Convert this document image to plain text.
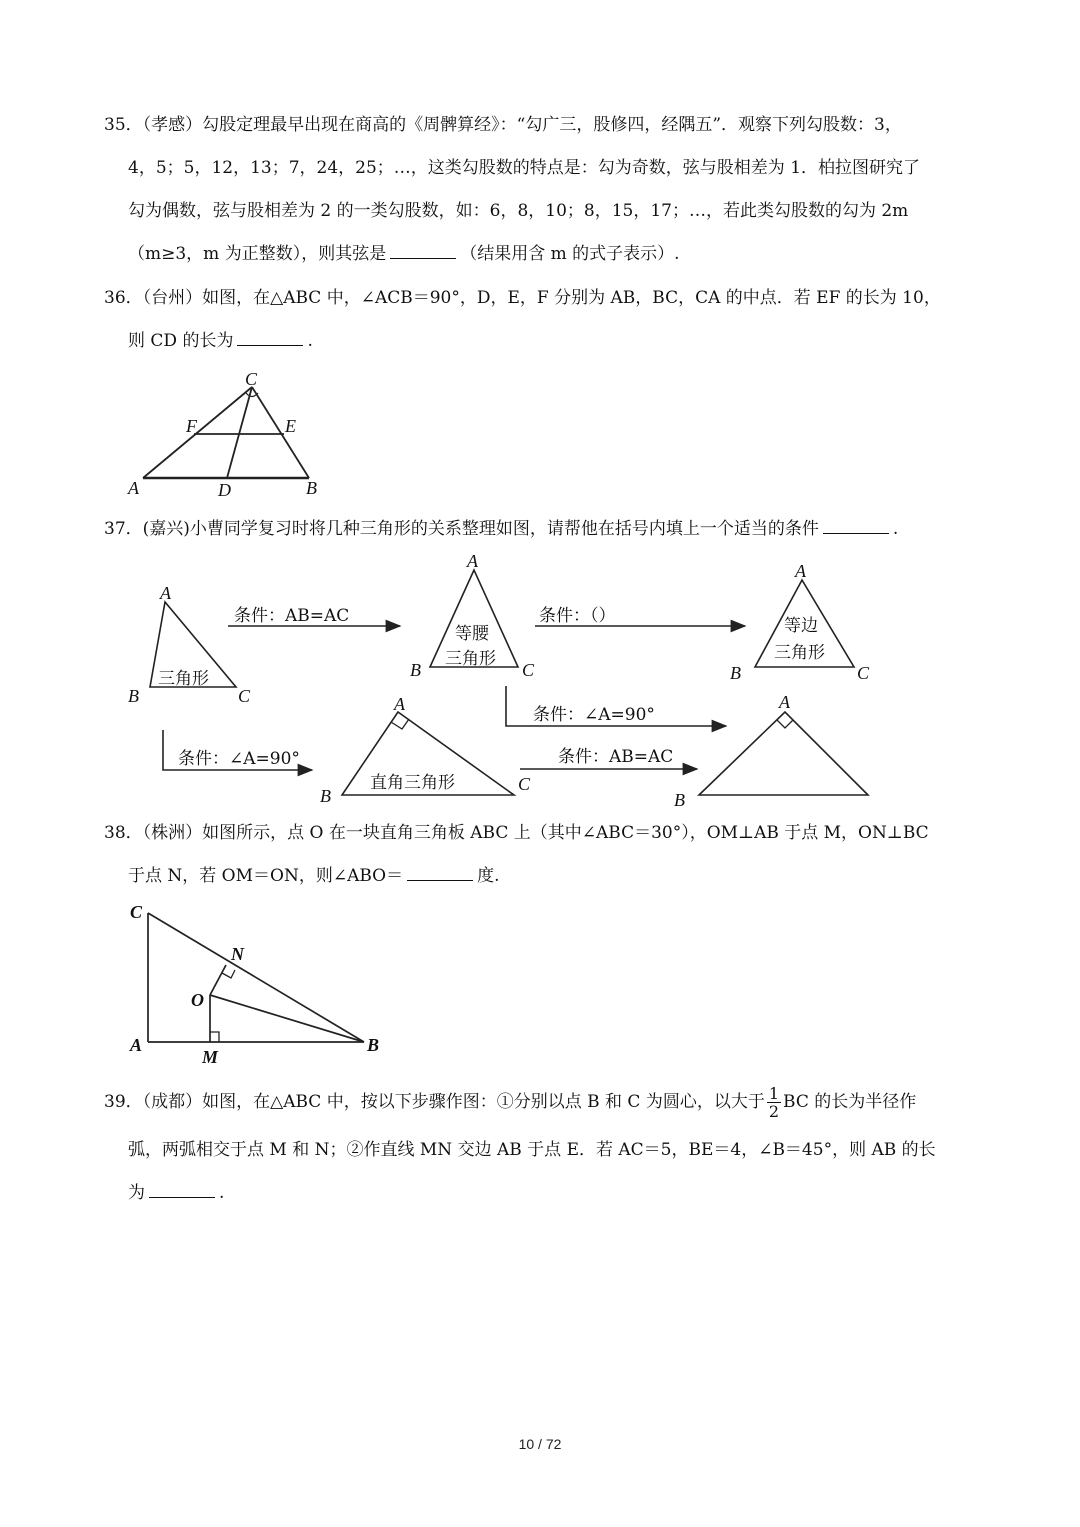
35．（孝感）勾股定理最早出现在商高的《周髀算经》：“勾广三，股修四，经隅五”．观察下列勾股数：3，
4，5；5，12，13；7，24，25；…，这类勾股数的特点是：勾为奇数，弦与股相差为 1．柏拉图研究了
勾为偶数，弦与股相差为 2 的一类勾股数，如：6，8，10；8，15，17；…，若此类勾股数的勾为 2m
（m≥3，m 为正整数），则其弦是	（结果用含 m 的式子表示）.
36．（台州）如图，在△ABC 中，∠ACB＝90°，D，E，F 分别为 AB，BC，CA 的中点．若 EF 的长为 10，
则 CD 的长为	.
C
F	E
A	D	B
37．(嘉兴)小曹同学复习时将几种三角形的关系整理如图，请帮他在括号内填上一个适当的条件	.
A
B	C
A
B	C
A
B	C
A
B
C
A
B
三角形
等腰
三角形
等边
三角形
直角三角形
条件：AB=AC	条件：（）
条件：∠A=90°
条件：∠A=90°	条件：AB=AC
38．（株洲）如图所示，点 O 在一块直角三角板 ABC 上（其中∠ABC＝30°），OM⊥AB 于点 M，ON⊥BC
于点 N，若 OM＝ON，则∠ABO＝	度.
C
N
O
A
M
B
39．（成都）如图，在△ABC 中，按以下步骤作图：①分别以点 B 和 C 为圆心，以大于 $\frac{1}{2}$ BC 的长为半径作
弧，两弧相交于点 M 和 N；②作直线 MN 交边 AB 于点 E．若 AC＝5，BE＝4，∠B＝45°，则 AB 的长
为	.
10 / 72
